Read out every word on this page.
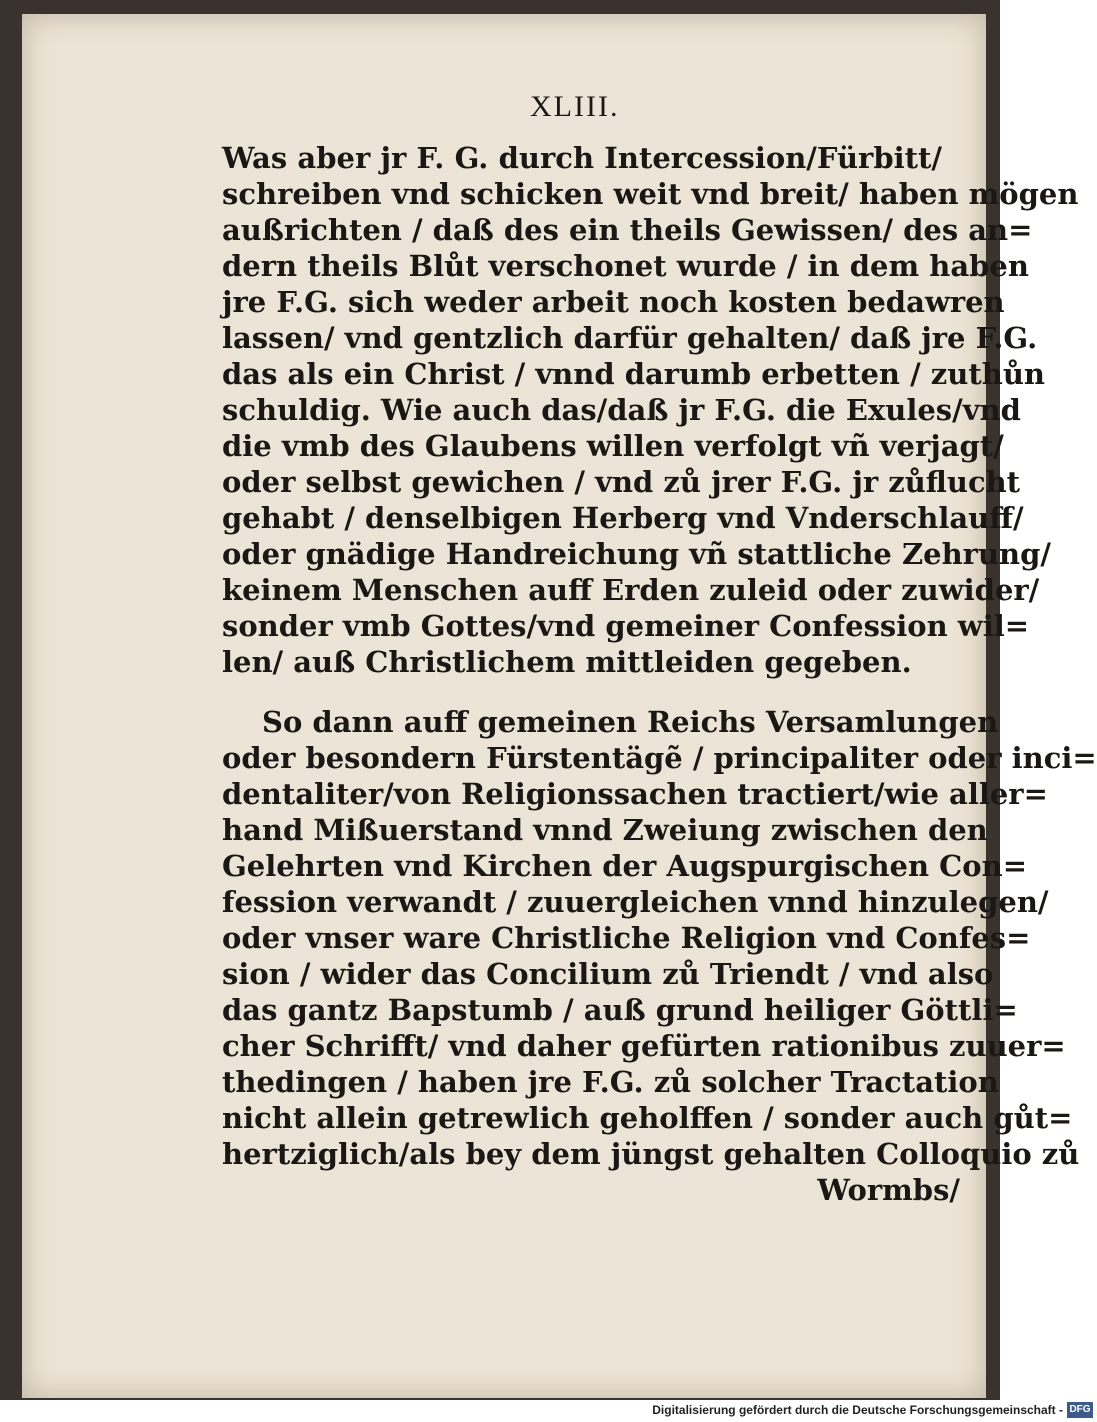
XLIII.
Was aber jr F. G. durch Intercession/Fürbitt/
schreiben vnd schicken weit vnd breit/ haben mögen
außrichten / daß des ein theils Gewissen/ des an=
dern theils Blůt verschonet wurde / in dem haben
jre F.G. sich weder arbeit noch kosten bedawren
lassen/ vnd gentzlich darfür gehalten/ daß jre F.G.
das als ein Christ / vnnd darumb erbetten / zuthůn
schuldig. Wie auch das/daß jr F.G. die Exules/vnd
die vmb des Glaubens willen verfolgt vñ verjagt/
oder selbst gewichen / vnd zů jrer F.G. jr zůflucht
gehabt / denselbigen Herberg vnd Vnderschlauff/
oder gnädige Handreichung vñ stattliche Zehrung/
keinem Menschen auff Erden zuleid oder zuwider/
sonder vmb Gottes/vnd gemeiner Confession wil=
len/ auß Christlichem mittleiden gegeben.
So dann auff gemeinen Reichs Versamlungen
oder besondern Fürstentägẽ / principaliter oder inci=
dentaliter/von Religionssachen tractiert/wie aller=
hand Mißuerstand vnnd Zweiung zwischen den
Gelehrten vnd Kirchen der Augspurgischen Con=
fession verwandt / zuuergleichen vnnd hinzulegen/
oder vnser ware Christliche Religion vnd Confes=
sion / wider das Concilium zů Triendt / vnd also
das gantz Bapstumb / auß grund heiliger Göttli=
cher Schrifft/ vnd daher gefürten rationibus zuuer=
thedingen / haben jre F.G. zů solcher Tractation
nicht allein getrewlich geholffen / sonder auch gůt=
hertziglich/als bey dem jüngst gehalten Colloquio zů
Wormbs/
Digitalisierung gefördert durch die Deutsche Forschungsgemeinschaft - DFG
